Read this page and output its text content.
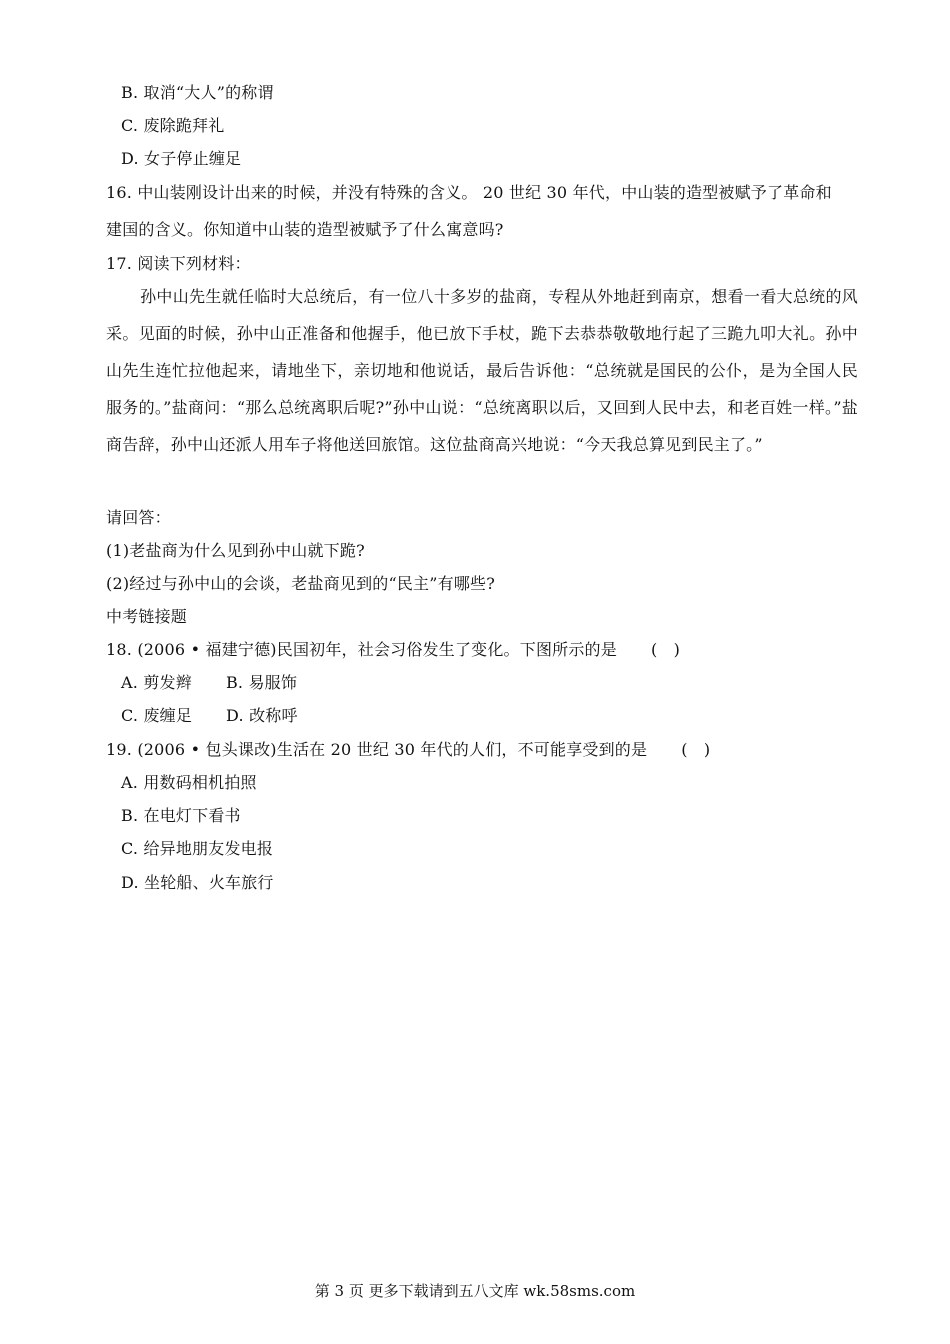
B. 取消“大人”的称谓
C. 废除跪拜礼
D. 女子停止缠足
16. 中山装刚设计出来的时候，并没有特殊的含义。 20 世纪 30 年代，中山装的造型被赋予了革命和
建国的含义。你知道中山装的造型被赋予了什么寓意吗?
17. 阅读下列材料：
孙中山先生就任临时大总统后，有一位八十多岁的盐商，专程从外地赶到南京，想看一看大总统的风采。见面的时候，孙中山正准备和他握手，他已放下手杖，跪下去恭恭敬敬地行起了三跪九叩大礼。孙中山先生连忙拉他起来，请地坐下，亲切地和他说话，最后告诉他：“总统就是国民的公仆，是为全国人民服务的。”盐商问：“那么总统离职后呢?”孙中山说：“总统离职以后，又回到人民中去，和老百姓一样。”盐商告辞，孙中山还派人用车子将他送回旅馆。这位盐商高兴地说：“今天我总算见到民主了。”
请回答：
(1)老盐商为什么见到孙中山就下跪?
(2)经过与孙中山的会谈，老盐商见到的“民主”有哪些?
中考链接题
18. (2006 • 福建宁德)民国初年，社会习俗发生了变化。下图所示的是 (　)
A. 剪发辫 B. 易服饰
C. 废缠足 D. 改称呼
19. (2006 • 包头课改)生活在 20 世纪 30 年代的人们，不可能享受到的是 (　)
A. 用数码相机拍照
B. 在电灯下看书
C. 给异地朋友发电报
D. 坐轮船、火车旅行
第 3 页 更多下载请到五八文库 wk.58sms.com
